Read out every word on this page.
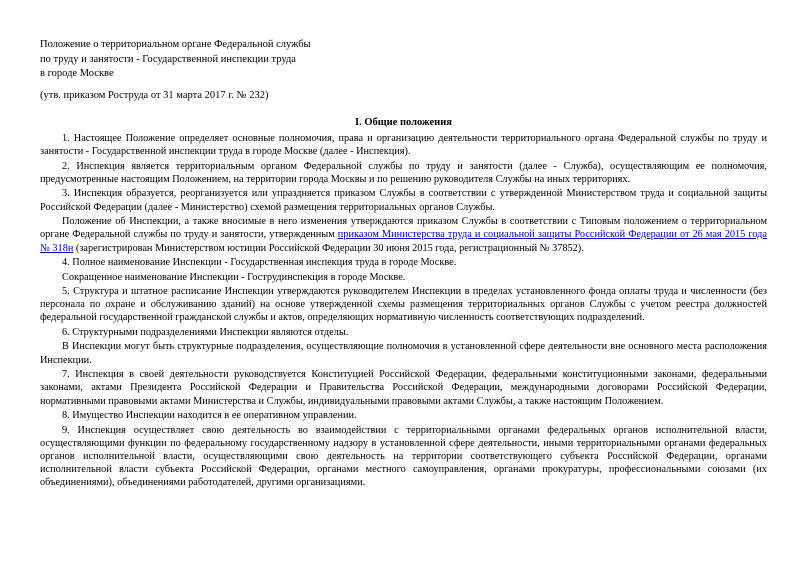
Положение о территориальном органе Федеральной службы
по труду и занятости - Государственной инспекции труда
в городе Москве
(утв. приказом Роструда от 31 марта 2017 г. № 232)
I. Общие положения

1. Настоящее Положение определяет основные полномочия, права и организацию деятельности территориального органа Федеральной службы по труду и занятости - Государственной инспекции труда в городе Москве (далее - Инспекция).

2. Инспекция является территориальным органом Федеральной службы по труду и занятости (далее - Служба), осуществляющим ее полномочия, предусмотренные настоящим Положением, на территории города Москвы и по решению руководителя Службы на иных территориях.

3. Инспекция образуется, реорганизуется или упраздняется приказом Службы в соответствии с утвержденной Министерством труда и социальной защиты Российской Федерации (далее - Министерство) схемой размещения территориальных органов Службы.

Положение об Инспекции, а также вносимые в него изменения утверждаются приказом Службы в соответствии с Типовым положением о территориальном органе Федеральной службы по труду и занятости, утвержденным приказом Министерства труда и социальной защиты Российской Федерации от 26 мая 2015 года № 318н (зарегистрирован Министерством юстиции Российской Федерации 30 июня 2015 года, регистрационный № 37852).

4. Полное наименование Инспекции - Государственная инспекция труда в городе Москве.

Сокращенное наименование Инспекции - Гострудинспекция в городе Москве.

5. Структура и штатное расписание Инспекции утверждаются руководителем Инспекции в пределах установленного фонда оплаты труда и численности (без персонала по охране и обслуживанию зданий) на основе утвержденной схемы размещения территориальных органов Службы с учетом реестра должностей федеральной государственной гражданской службы и актов, определяющих нормативную численность соответствующих подразделений.

6. Структурными подразделениями Инспекции являются отделы.

В Инспекции могут быть структурные подразделения, осуществляющие полномочия в установленной сфере деятельности вне основного места расположения Инспекции.

7. Инспекция в своей деятельности руководствуется Конституцией Российской Федерации, федеральными конституционными законами, федеральными законами, актами Президента Российской Федерации и Правительства Российской Федерации, международными договорами Российской Федерации, нормативными правовыми актами Министерства и Службы, индивидуальными правовыми актами Службы, а также настоящим Положением.

8. Имущество Инспекции находится в ее оперативном управлении.

9. Инспекция осуществляет свою деятельность во взаимодействии с территориальными органами федеральных органов исполнительной власти, осуществляющими функции по федеральному государственному надзору в установленной сфере деятельности, иными территориальными органами федеральных органов исполнительной власти, осуществляющими свою деятельность на территории соответствующего субъекта Российской Федерации, органами исполнительной власти субъекта Российской Федерации, органами местного самоуправления, органами прокуратуры, профессиональными союзами (их объединениями), объединениями работодателей, другими организациями.
